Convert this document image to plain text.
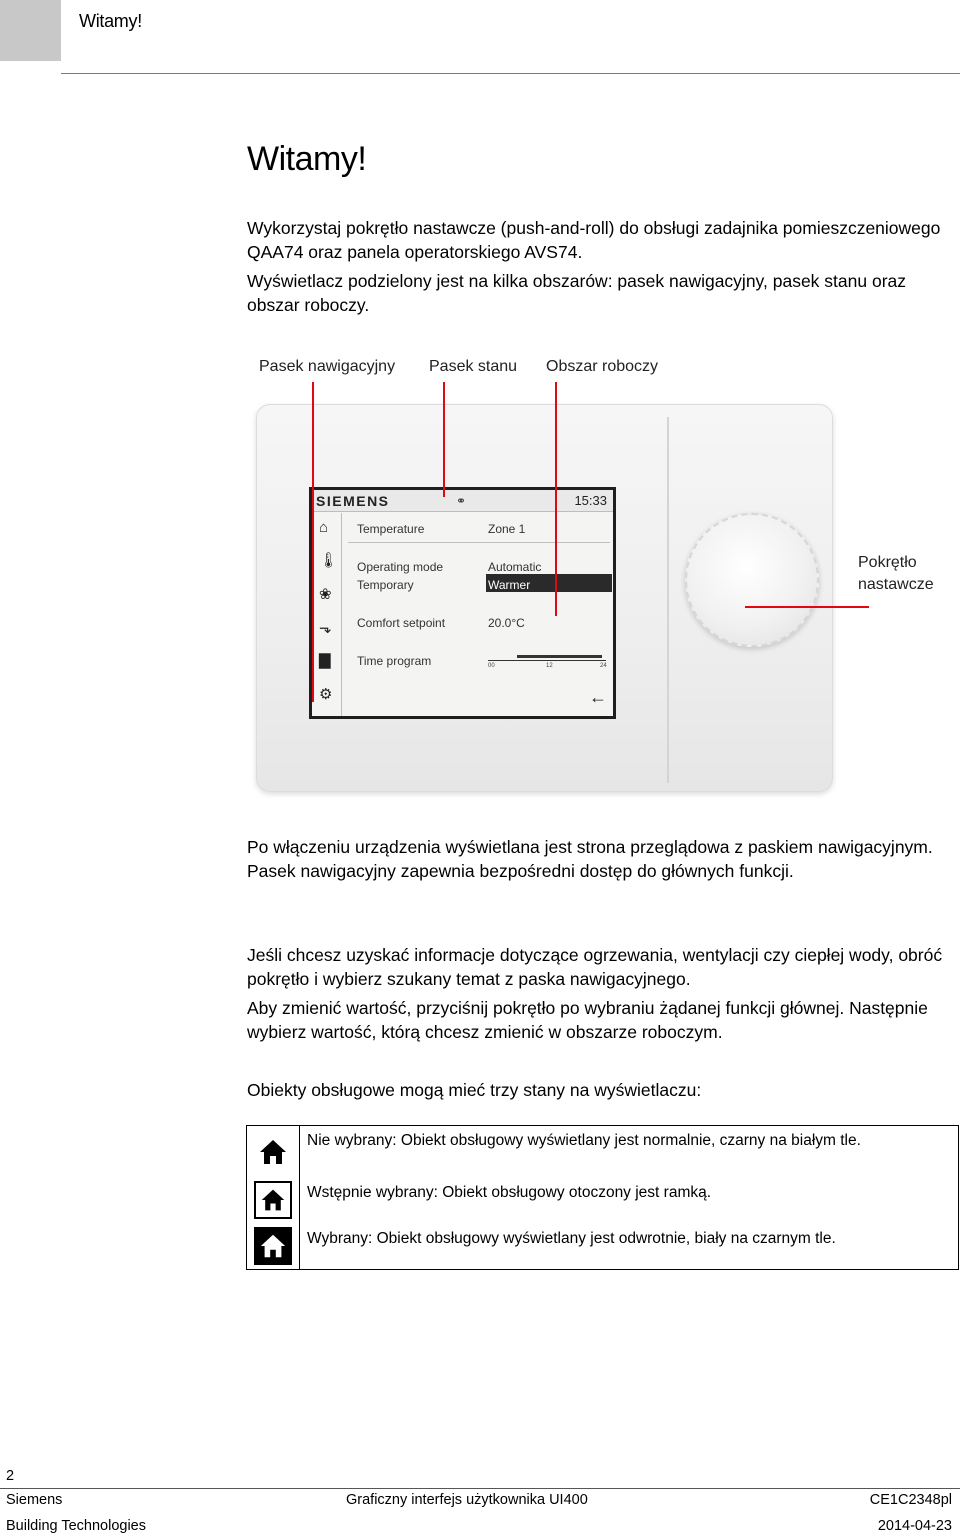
Witamy!
Witamy!

Wykorzystaj pokrętło nastawcze (push-and-roll) do obsługi zadajnika pomieszczeniowego QAA74 oraz panela operatorskiego AVS74.

Wyświetlacz podzielony jest na kilka obszarów: pasek nawigacyjny, pasek stanu oraz obszar roboczy.

Pasek nawigacyjny Pasek stanu Obszar roboczy
Pokrętło nastawcze
SIEMENS	⚭	15:33
⌂
🌡
❀
⬎
▇
⚙
Temperature	Zone 1
Operating mode	Automatic
Temporary	Warmer
Comfort setpoint	20.0°C
Time program	00	12	24
←

Po włączeniu urządzenia wyświetlana jest strona przeglądowa z paskiem nawigacyjnym. Pasek nawigacyjny zapewnia bezpośredni dostęp do głównych funkcji.

Jeśli chcesz uzyskać informacje dotyczące ogrzewania, wentylacji czy ciepłej wody, obróć pokrętło i wybierz szukany temat z paska nawigacyjnego.

Aby zmienić wartość, przyciśnij pokrętło po wybraniu żądanej funkcji głównej. Następnie wybierz wartość, którą chcesz zmienić w obszarze roboczym.

Obiekty obsługowe mogą mieć trzy stany na wyświetlaczu:

Nie wybrany: Obiekt obsługowy wyświetlany jest normalnie, czarny na białym tle.
Wstępnie wybrany: Obiekt obsługowy otoczony jest ramką.
Wybrany: Obiekt obsługowy wyświetlany jest odwrotnie, biały na czarnym tle.
2
Siemens
Building Technologies
Graficzny interfejs użytkownika UI400	CE1C2348pl
2014-04-23
